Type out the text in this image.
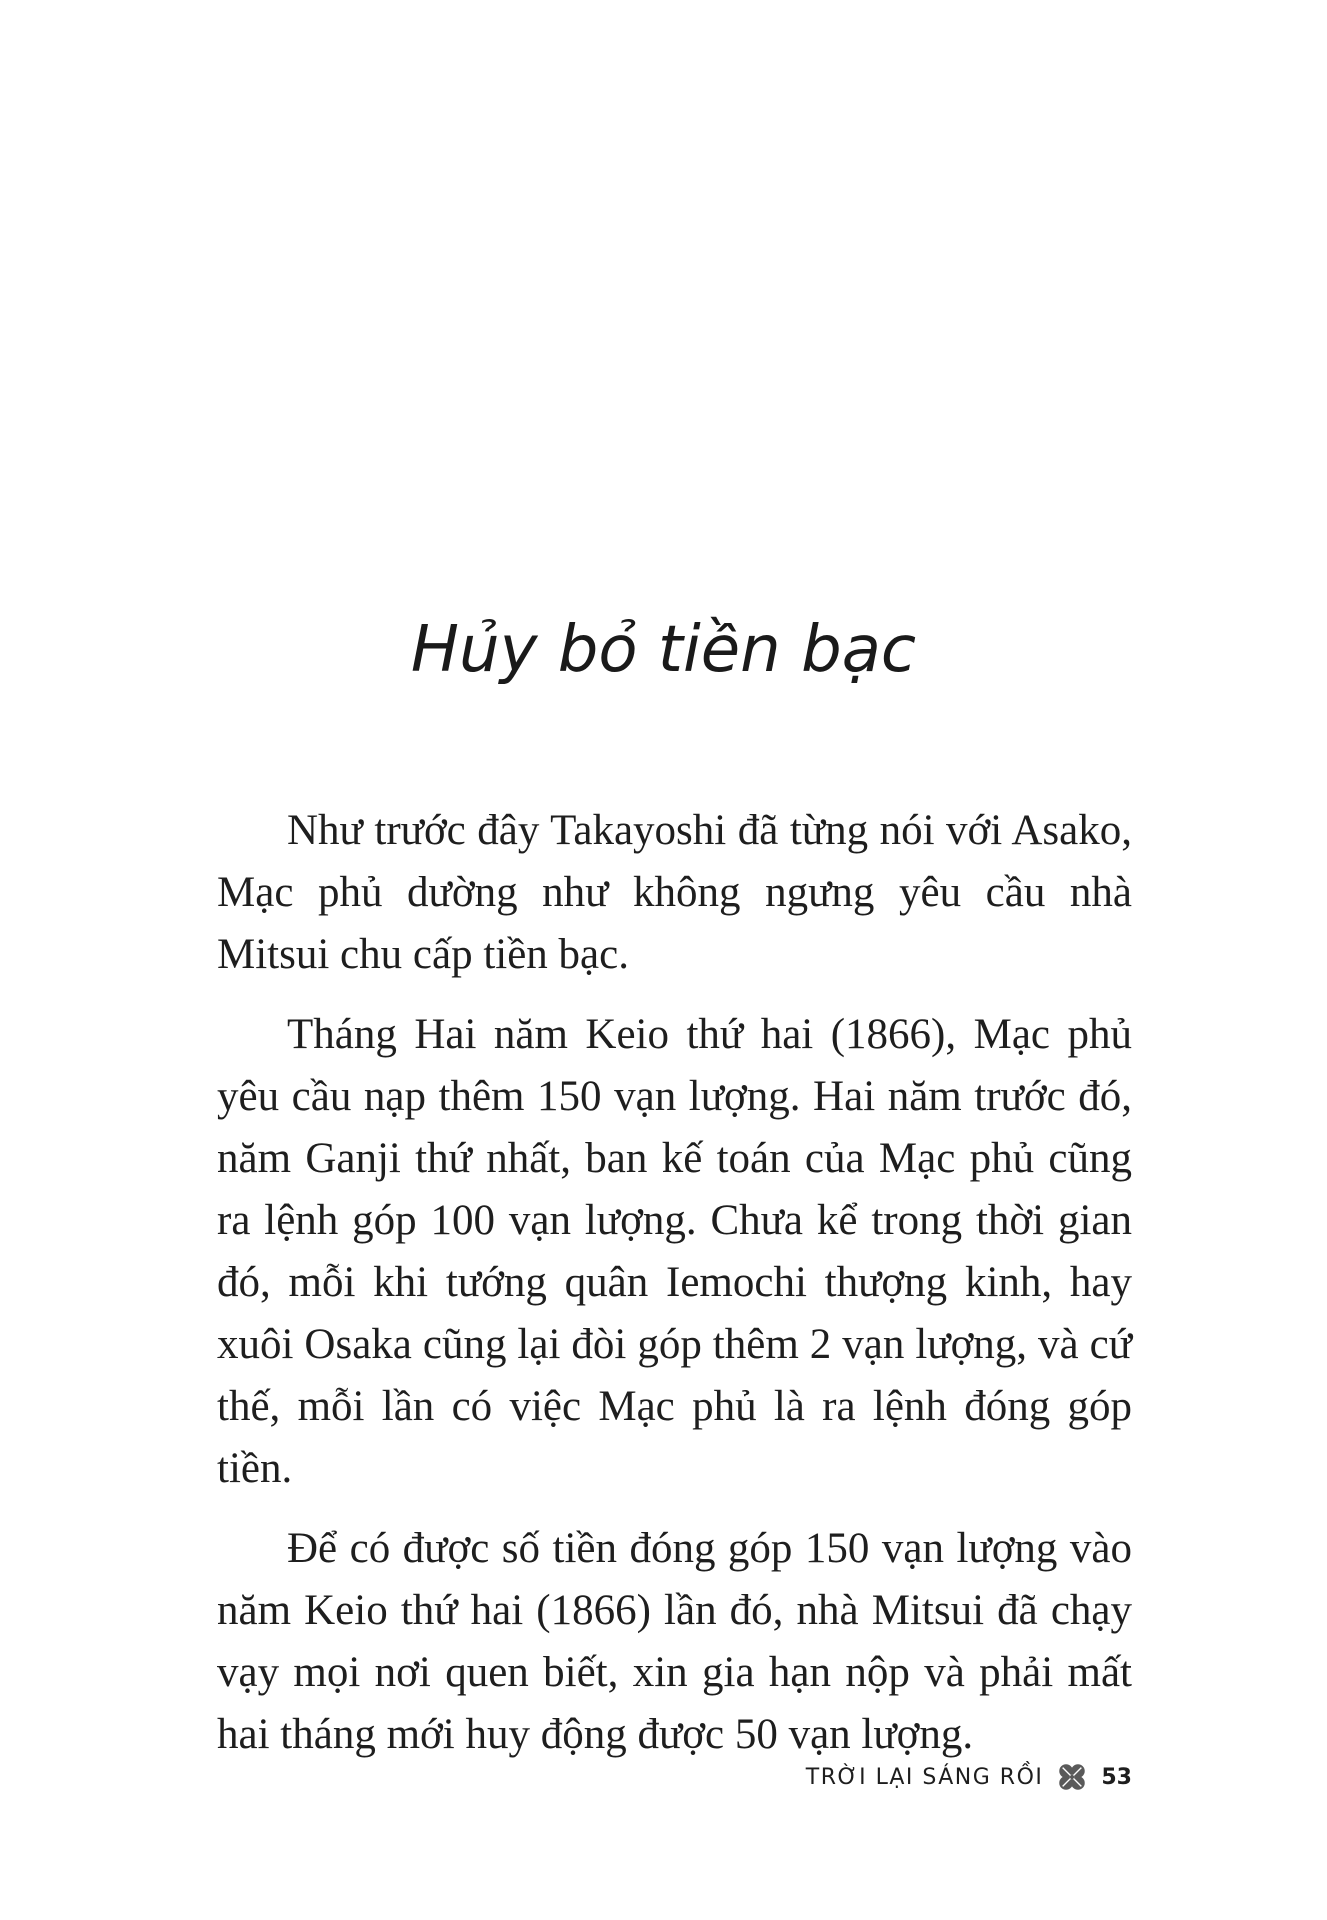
Hủy bỏ tiền bạc

Như trước đây Takayoshi đã từng nói với Asako, Mạc phủ dường như không ngưng yêu cầu nhà Mitsui chu cấp tiền bạc.

Tháng Hai năm Keio thứ hai (1866), Mạc phủ yêu cầu nạp thêm 150 vạn lượng. Hai năm trước đó, năm Ganji thứ nhất, ban kế toán của Mạc phủ cũng ra lệnh góp 100 vạn lượng. Chưa kể trong thời gian đó, mỗi khi tướng quân Iemochi thượng kinh, hay xuôi Osaka cũng lại đòi góp thêm 2 vạn lượng, và cứ thế, mỗi lần có việc Mạc phủ là ra lệnh đóng góp tiền.

Để có được số tiền đóng góp 150 vạn lượng vào năm Keio thứ hai (1866) lần đó, nhà Mitsui đã chạy vạy mọi nơi quen biết, xin gia hạn nộp và phải mất hai tháng mới huy động được 50 vạn lượng.

TRỜI LẠI SÁNG RỒI	53
